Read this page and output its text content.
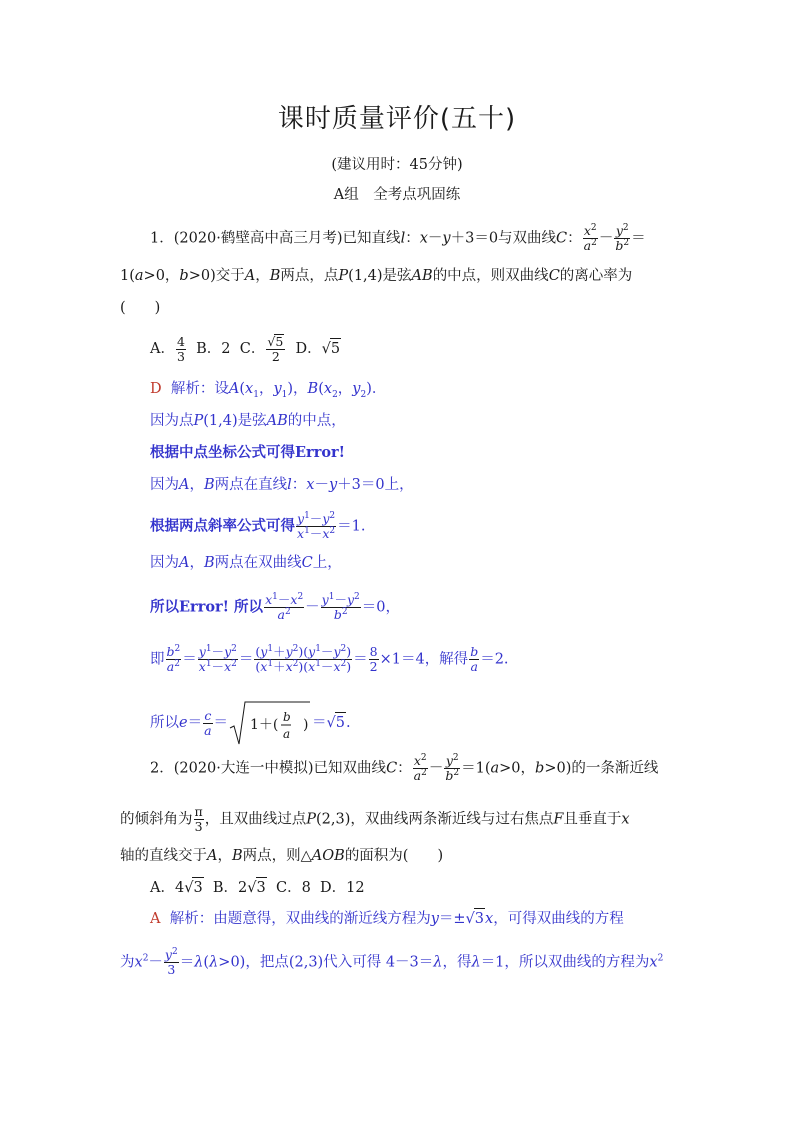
课时质量评价(五十)
(建议用时：45分钟)
A组　全考点巩固练
1．(2020·鹤壁高中高三月考)已知直线l：x－y＋3＝0与双曲线C： $\frac{x^2}{a^2} - \frac{y^2}{b^2}$ ＝
1(a>0，b>0)交于A，B两点，点P(1,4)是弦AB的中点，则双曲线C的离心率为
(　　)
A． $\frac{4}{3}$ B．2 C． $\frac{√5}{2}$ D．√5
D 解析：设$A(x_1$，$y_1$)，$B(x_2$，$y_2$)．
因为点P(1,4)是弦AB的中点，
根据中点坐标公式可得Error!
因为A，B两点在直线l：x－y＋3＝0上，
根据两点斜率公式可得 $\frac{y^1-y^2}{x^1-x^2} =1$.
因为A，B两点在双曲线C上，
所以Error! 所以 $\frac{x^1-x^2}{a^2} - \frac{y^1-y^2}{b^2} =0$，
即 $\frac{b^2}{a^2} = \frac{y^1-y^2}{x^1-x^2} = \frac{(y^1+y^2)(y^1-y^2)}{(x^1+x^2)(x^1-x^2)} = \frac{8}{2} \times 1=4$，解得 $\frac{b}{a} =2$.
所以$e= \frac{c}{a} = 1+$( b
a
) ＝√5.
2．(2020·大连一中模拟)已知双曲线C： $\frac{x^2}{a^2} - \frac{y^2}{b^2} =1(a>0$，b>0)的一条渐近线
的倾斜角为 $\frac{\pi}{3}$ ，且双曲线过点P(2,3)，双曲线两条渐近线与过右焦点F且垂直于x
轴的直线交于A，B两点，则△AOB的面积为(　　)
A．4√3 B．2√3 C．8 D．12
A 解析：由题意得，双曲线的渐近线方程为y＝±√3x，可得双曲线的方程
为$x^2- \frac{y^2}{3} =\lambda(\lambda>0)$，把点(2,3)代入可得 4－3＝λ，得λ＝1，所以双曲线的方程为$x^2$
